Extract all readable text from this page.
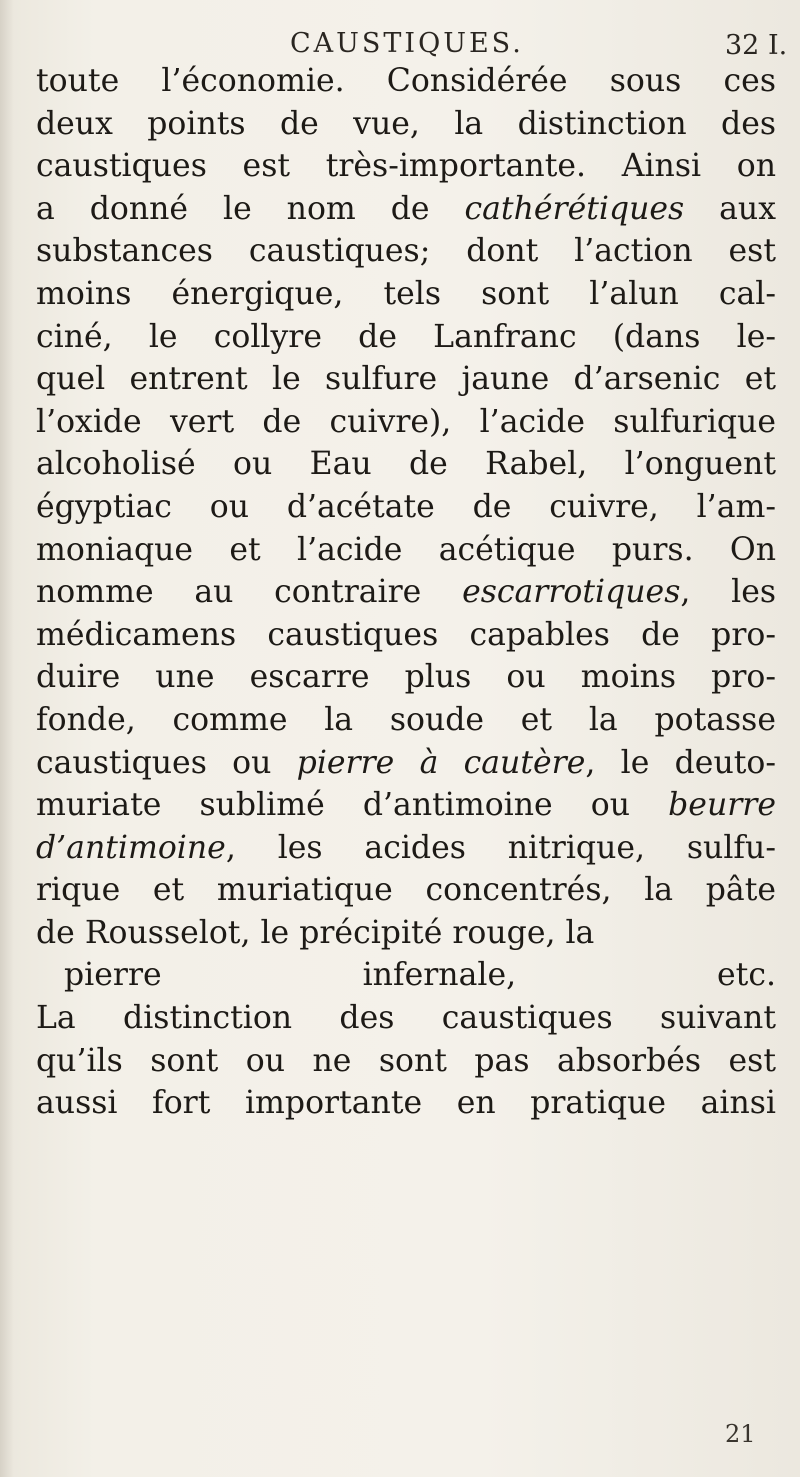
CAUSTIQUES.	32 I.
toute l’économie. Considérée sous ces
deux points de vue, la distinction des
caustiques est très-importante. Ainsi on
a donné le nom de cathérétiques aux
substances caustiques; dont l’action est
moins énergique, tels sont l’alun cal-
ciné, le collyre de Lanfranc (dans le-
quel entrent le sulfure jaune d’arsenic et
l’oxide vert de cuivre), l’acide sulfurique
alcoholisé ou Eau de Rabel, l’onguent
égyptiac ou d’acétate de cuivre, l’am-
moniaque et l’acide acétique purs. On
nomme au contraire escarrotiques, les
médicamens caustiques capables de pro-
duire une escarre plus ou moins pro-
fonde, comme la soude et la potasse
caustiques ou pierre à cautère, le deuto-
muriate sublimé d’antimoine ou beurre
d’antimoine, les acides nitrique, sulfu-
rique et muriatique concentrés, la pâte
de Rousselot, le précipité rouge, la
pierre infernale, etc.
La distinction des caustiques suivant
qu’ils sont ou ne sont pas absorbés est
aussi fort importante en pratique ainsi
21
